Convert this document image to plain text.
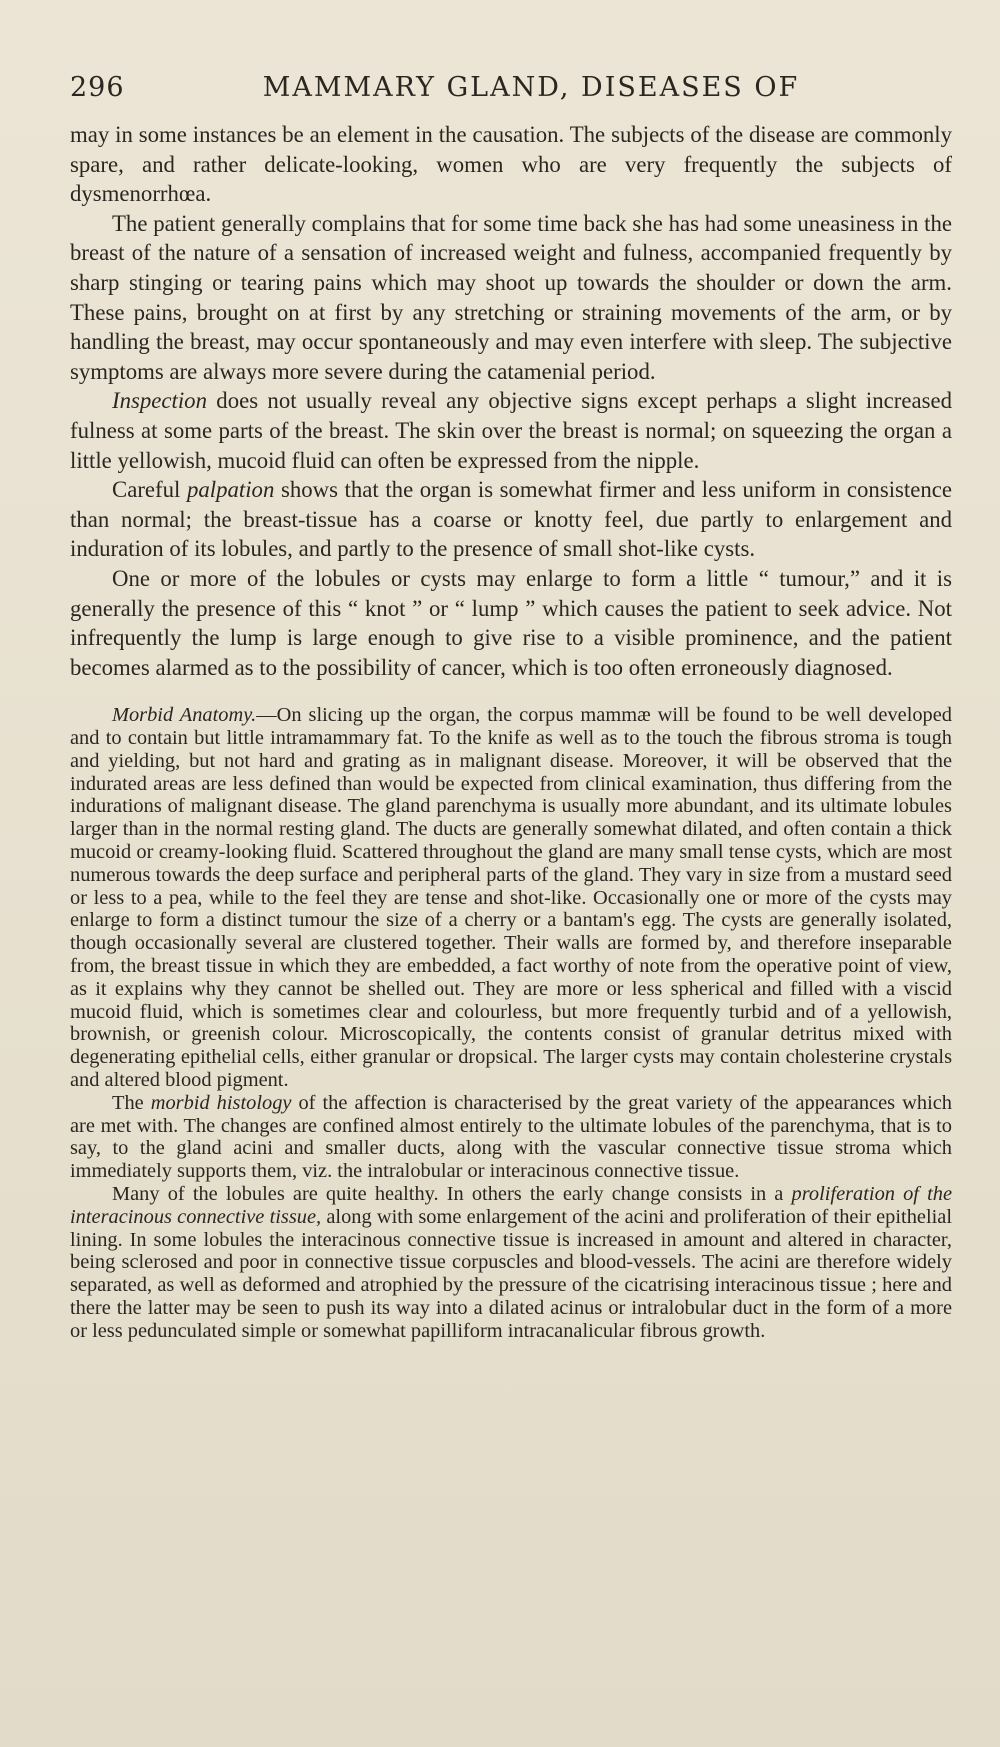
296	MAMMARY GLAND, DISEASES OF

may in some instances be an element in the causation. The subjects of the disease are commonly spare, and rather delicate-looking, women who are very frequently the subjects of dysmenorrhœa.

The patient generally complains that for some time back she has had some uneasiness in the breast of the nature of a sensation of increased weight and fulness, accompanied frequently by sharp stinging or tearing pains which may shoot up towards the shoulder or down the arm. These pains, brought on at first by any stretching or straining movements of the arm, or by handling the breast, may occur spontaneously and may even interfere with sleep. The subjective symptoms are always more severe during the catamenial period.

Inspection does not usually reveal any objective signs except perhaps a slight increased fulness at some parts of the breast. The skin over the breast is normal; on squeezing the organ a little yellowish, mucoid fluid can often be expressed from the nipple.

Careful palpation shows that the organ is somewhat firmer and less uniform in consistence than normal; the breast-tissue has a coarse or knotty feel, due partly to enlargement and induration of its lobules, and partly to the presence of small shot-like cysts.

One or more of the lobules or cysts may enlarge to form a little “ tumour,” and it is generally the presence of this “ knot ” or “ lump ” which causes the patient to seek advice. Not infrequently the lump is large enough to give rise to a visible prominence, and the patient becomes alarmed as to the possibility of cancer, which is too often erroneously diagnosed.

Morbid Anatomy.—On slicing up the organ, the corpus mammæ will be found to be well developed and to contain but little intramammary fat. To the knife as well as to the touch the fibrous stroma is tough and yielding, but not hard and grating as in malignant disease. Moreover, it will be observed that the indurated areas are less defined than would be expected from clinical examination, thus differing from the indurations of malignant disease. The gland parenchyma is usually more abundant, and its ultimate lobules larger than in the normal resting gland. The ducts are generally somewhat dilated, and often contain a thick mucoid or creamy-looking fluid. Scattered throughout the gland are many small tense cysts, which are most numerous towards the deep surface and peripheral parts of the gland. They vary in size from a mustard seed or less to a pea, while to the feel they are tense and shot-like. Occasionally one or more of the cysts may enlarge to form a distinct tumour the size of a cherry or a bantam's egg. The cysts are generally isolated, though occasionally several are clustered together. Their walls are formed by, and therefore inseparable from, the breast tissue in which they are embedded, a fact worthy of note from the operative point of view, as it explains why they cannot be shelled out. They are more or less spherical and filled with a viscid mucoid fluid, which is sometimes clear and colourless, but more frequently turbid and of a yellowish, brownish, or greenish colour. Microscopically, the contents consist of granular detritus mixed with degenerating epithelial cells, either granular or dropsical. The larger cysts may contain cholesterine crystals and altered blood pigment.

The morbid histology of the affection is characterised by the great variety of the appearances which are met with. The changes are confined almost entirely to the ultimate lobules of the parenchyma, that is to say, to the gland acini and smaller ducts, along with the vascular connective tissue stroma which immediately supports them, viz. the intralobular or interacinous connective tissue.

Many of the lobules are quite healthy. In others the early change consists in a proliferation of the interacinous connective tissue, along with some enlargement of the acini and proliferation of their epithelial lining. In some lobules the interacinous connective tissue is increased in amount and altered in character, being sclerosed and poor in connective tissue corpuscles and blood-vessels. The acini are therefore widely separated, as well as deformed and atrophied by the pressure of the cicatrising interacinous tissue ; here and there the latter may be seen to push its way into a dilated acinus or intralobular duct in the form of a more or less pedunculated simple or somewhat papilliform intracanalicular fibrous growth.
